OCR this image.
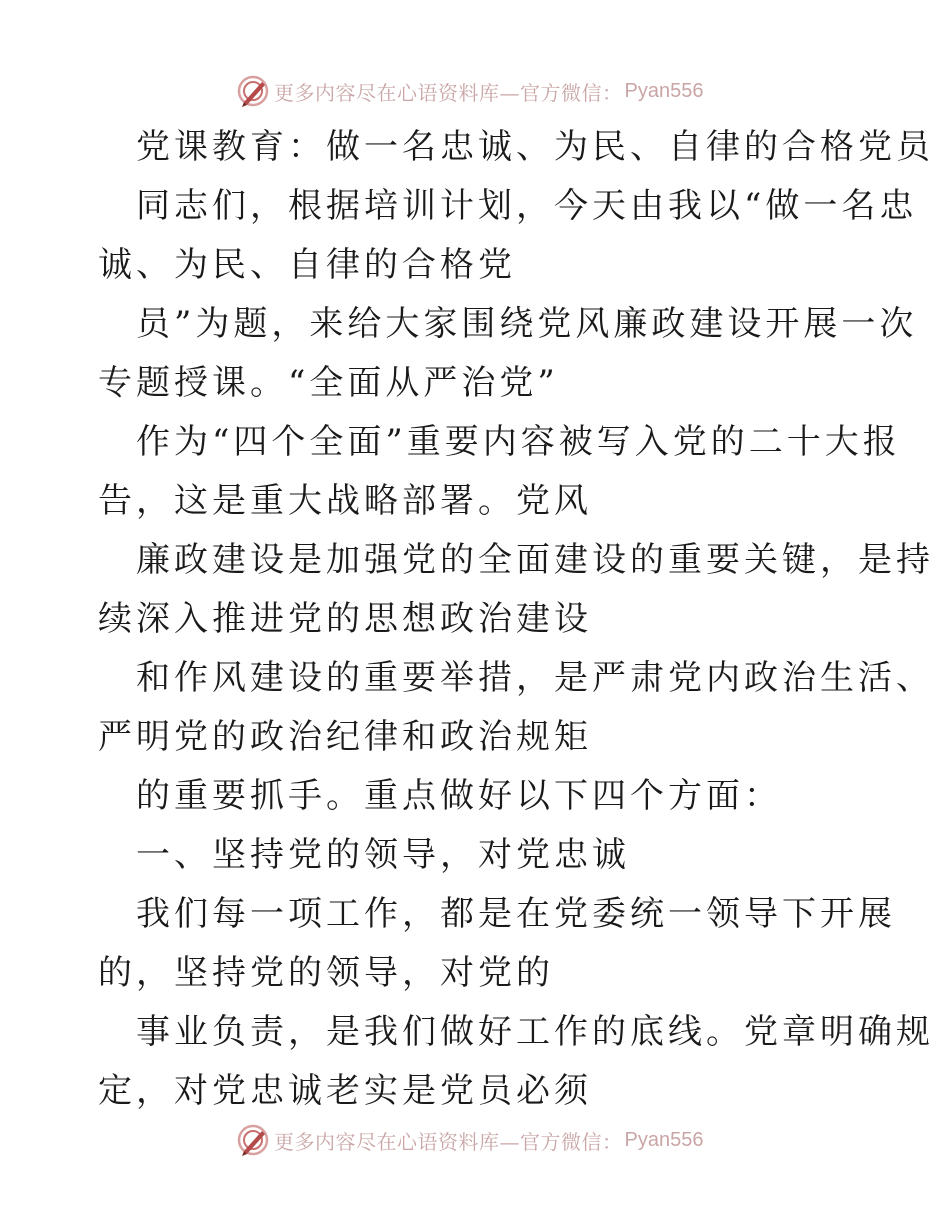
更多内容尽在心语资料库—官方微信： Pyan556
党课教育：做一名忠诚、为民、自律的合格党员
同志们，根据培训计划，今天由我以“做一名忠
诚、为民、自律的合格党
员”为题，来给大家围绕党风廉政建设开展一次
专题授课。“全面从严治党”
作为“四个全面”重要内容被写入党的二十大报
告，这是重大战略部署。党风
廉政建设是加强党的全面建设的重要关键，是持
续深入推进党的思想政治建设
和作风建设的重要举措，是严肃党内政治生活、
严明党的政治纪律和政治规矩
的重要抓手。重点做好以下四个方面：
一、坚持党的领导，对党忠诚
我们每一项工作，都是在党委统一领导下开展
的，坚持党的领导，对党的
事业负责，是我们做好工作的底线。党章明确规
定，对党忠诚老实是党员必须
更多内容尽在心语资料库—官方微信： Pyan556
